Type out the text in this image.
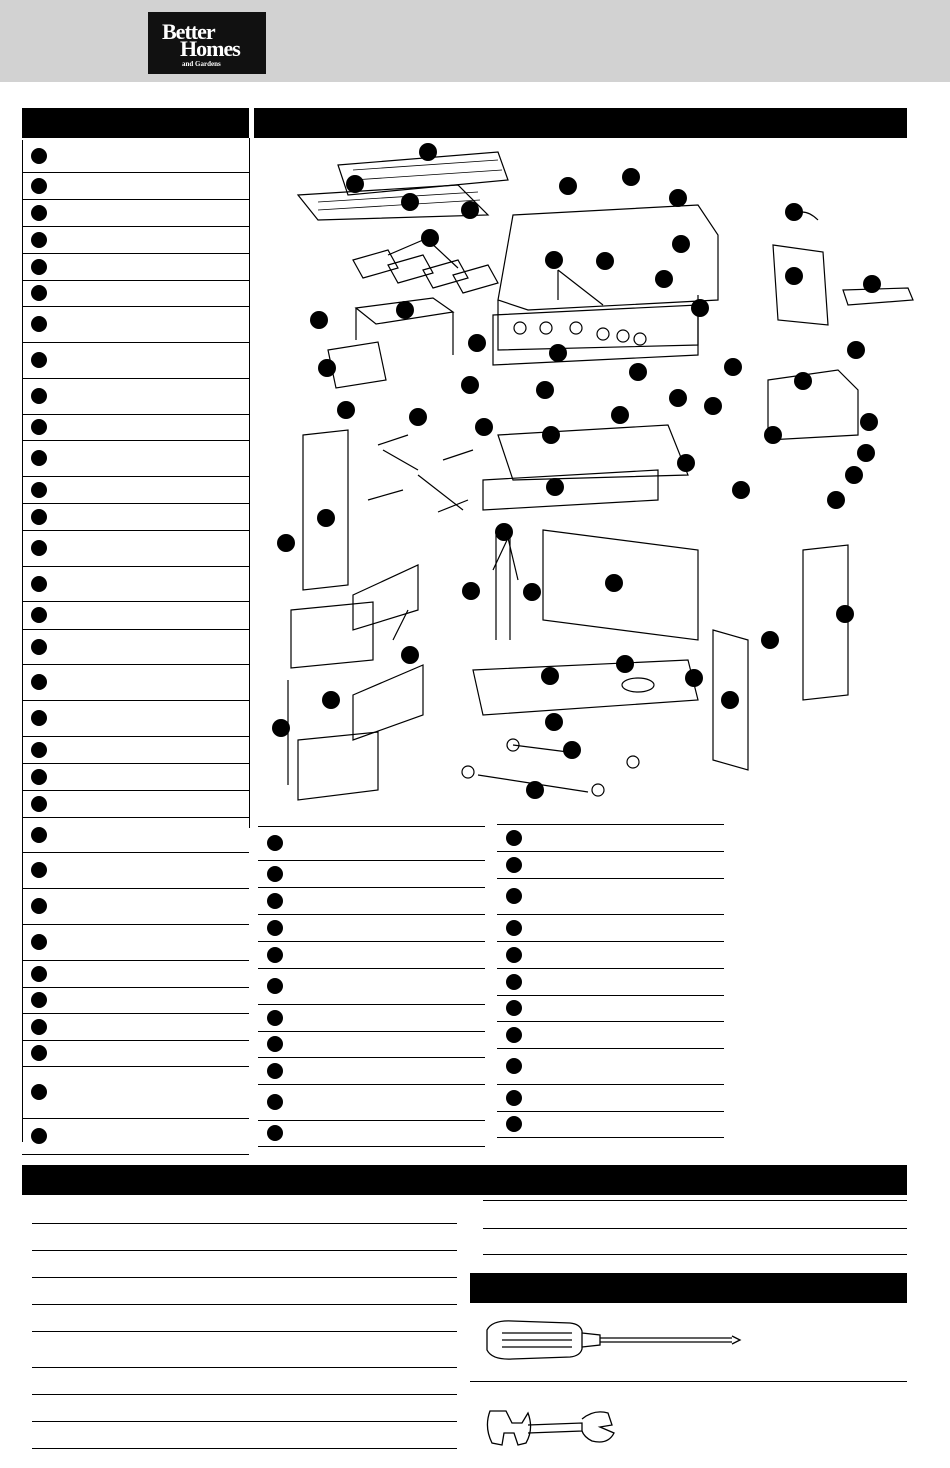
Better
Homes
and Gardens
